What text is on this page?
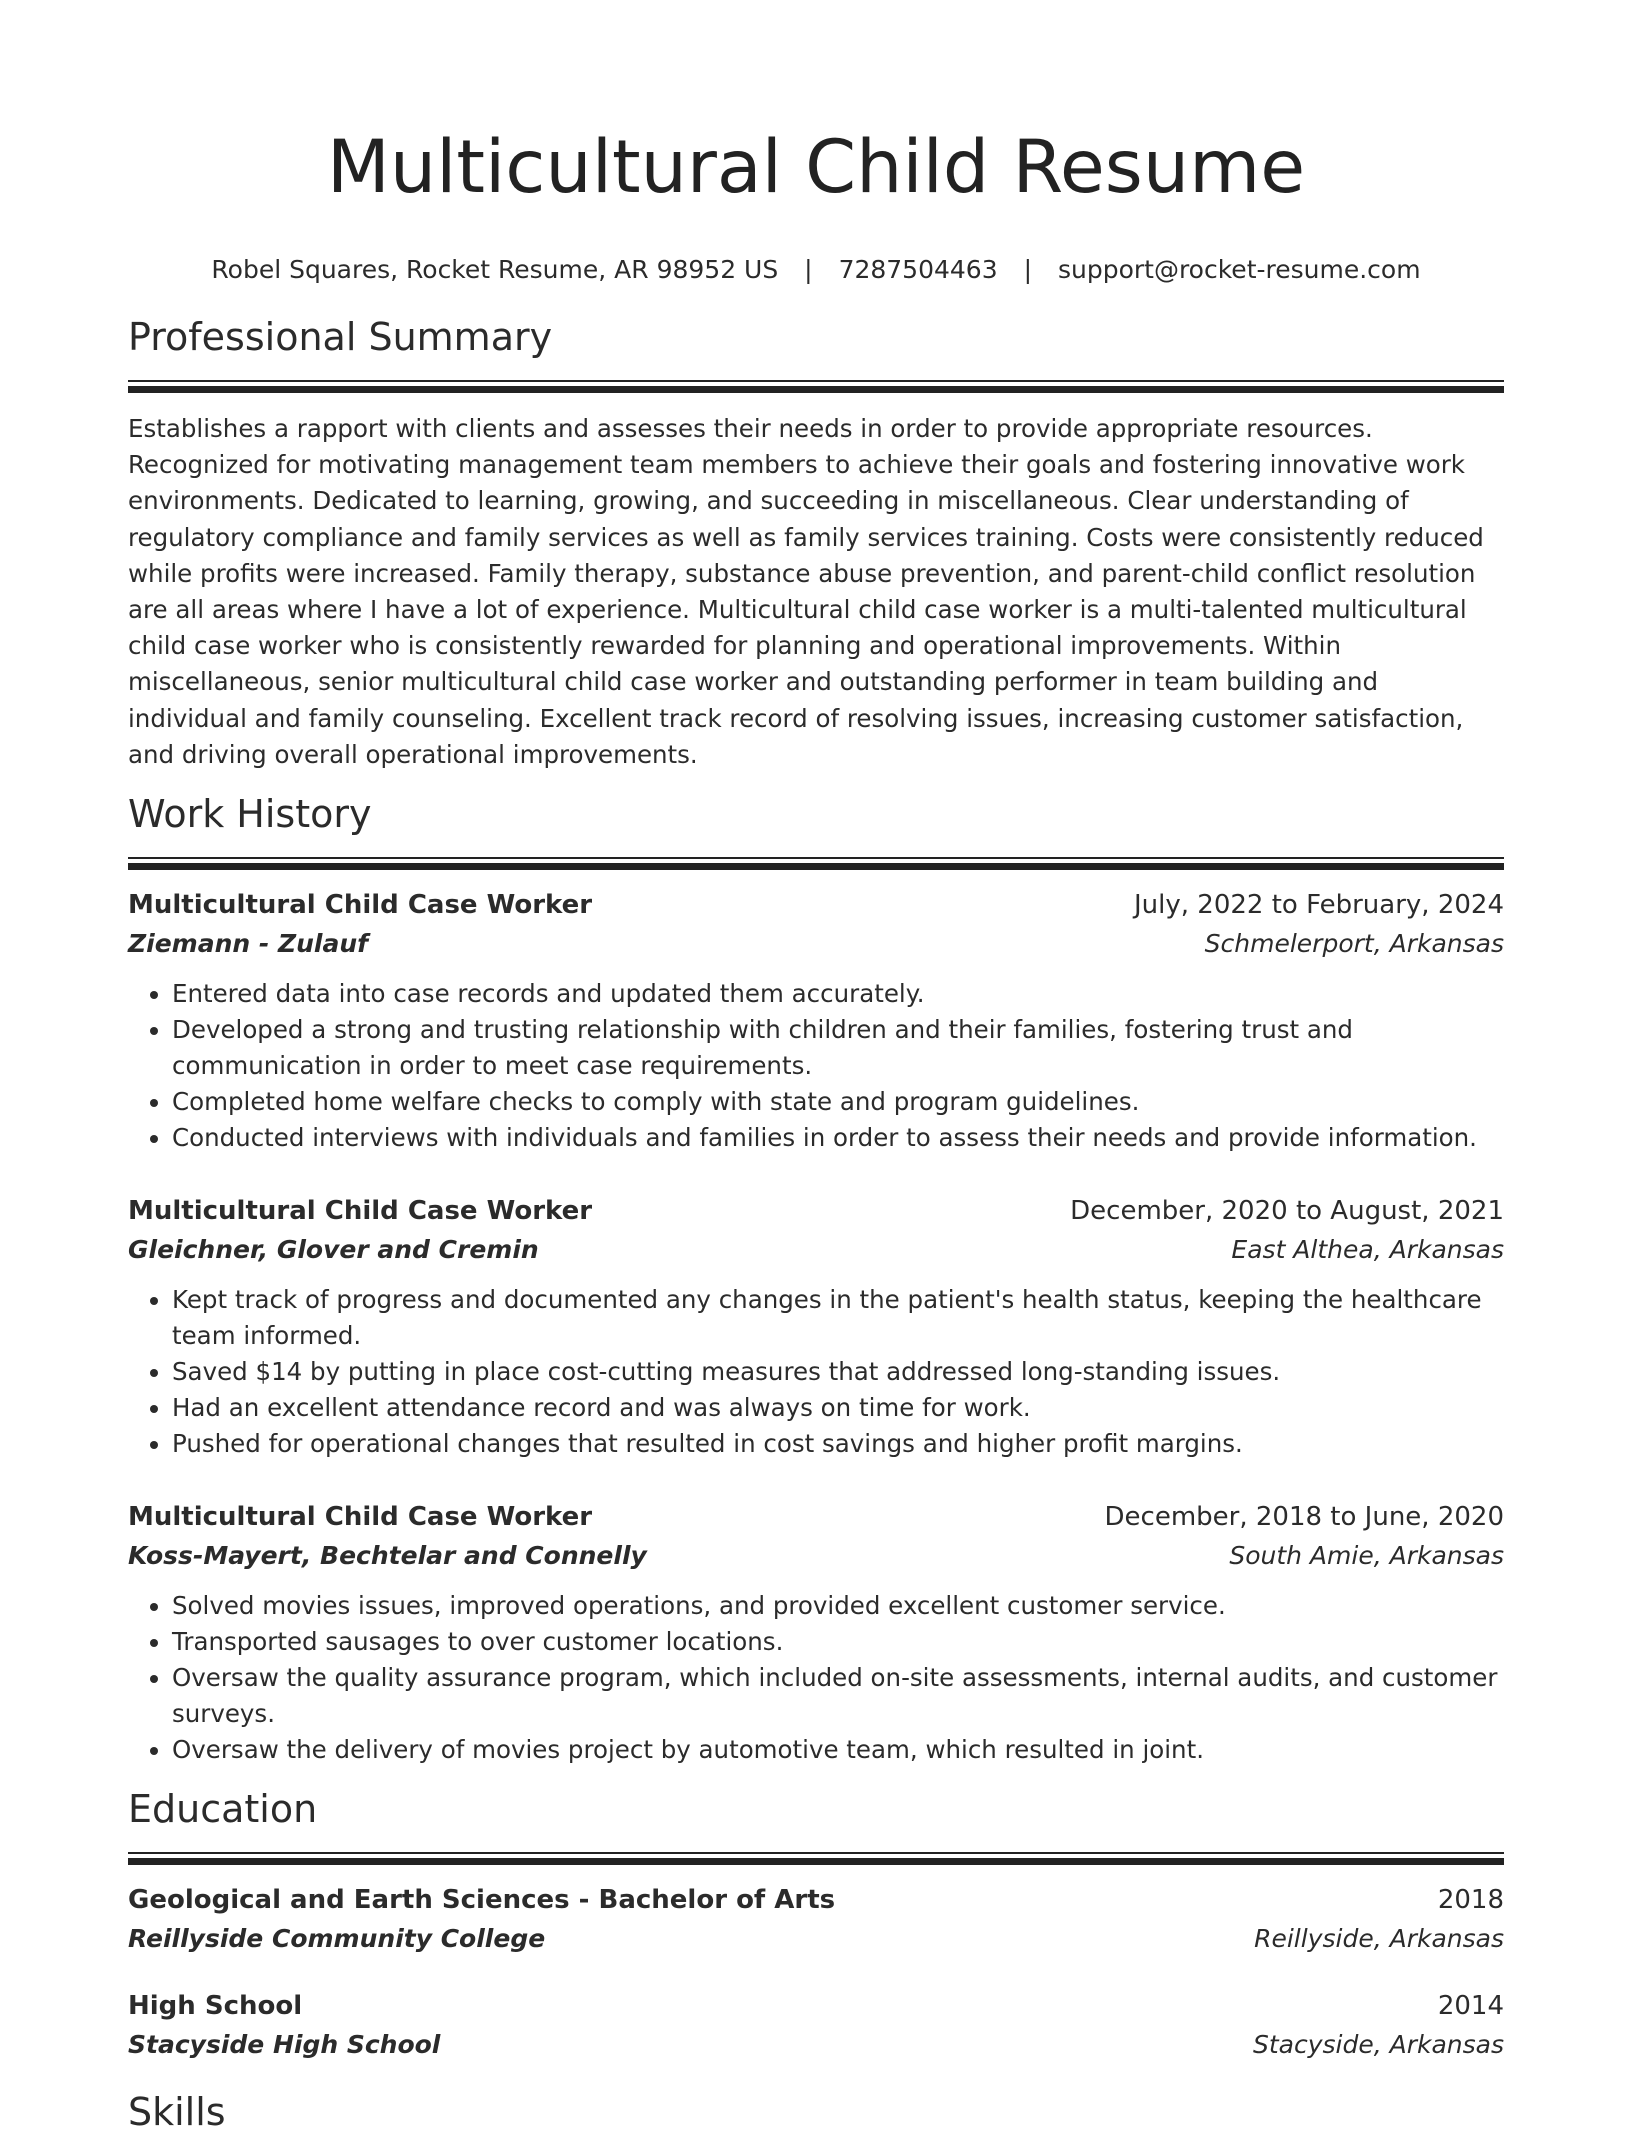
Multicultural Child Resume
Robel Squares, Rocket Resume, AR 98952 US | 7287504463 | support@rocket-resume.com
Professional Summary

Establishes a rapport with clients and assesses their needs in order to provide appropriate resources. Recognized for motivating management team members to achieve their goals and fostering innovative work environments. Dedicated to learning, growing, and succeeding in miscellaneous. Clear understanding of regulatory compliance and family services as well as family services training. Costs were consistently reduced while profits were increased. Family therapy, substance abuse prevention, and parent-child conflict resolution are all areas where I have a lot of experience. Multicultural child case worker is a multi-talented multicultural child case worker who is consistently rewarded for planning and operational improvements. Within miscellaneous, senior multicultural child case worker and outstanding performer in team building and individual and family counseling. Excellent track record of resolving issues, increasing customer satisfaction, and driving overall operational improvements.

Work History
Multicultural Child Case Worker	July, 2022 to February, 2024
Ziemann - Zulauf	Schmelerport, Arkansas
• Entered data into case records and updated them accurately.
• Developed a strong and trusting relationship with children and their families, fostering trust and communication in order to meet case requirements.
• Completed home welfare checks to comply with state and program guidelines.
• Conducted interviews with individuals and families in order to assess their needs and provide information.
Multicultural Child Case Worker	December, 2020 to August, 2021
Gleichner, Glover and Cremin	East Althea, Arkansas
• Kept track of progress and documented any changes in the patient's health status, keeping the healthcare team informed.
• Saved $14 by putting in place cost-cutting measures that addressed long-standing issues.
• Had an excellent attendance record and was always on time for work.
• Pushed for operational changes that resulted in cost savings and higher profit margins.
Multicultural Child Case Worker	December, 2018 to June, 2020
Koss-Mayert, Bechtelar and Connelly	South Amie, Arkansas
• Solved movies issues, improved operations, and provided excellent customer service.
• Transported sausages to over customer locations.
• Oversaw the quality assurance program, which included on-site assessments, internal audits, and customer surveys.
• Oversaw the delivery of movies project by automotive team, which resulted in joint.
Education
Geological and Earth Sciences - Bachelor of Arts	2018
Reillyside Community College	Reillyside, Arkansas
High School	2014
Stacyside High School	Stacyside, Arkansas
Skills
